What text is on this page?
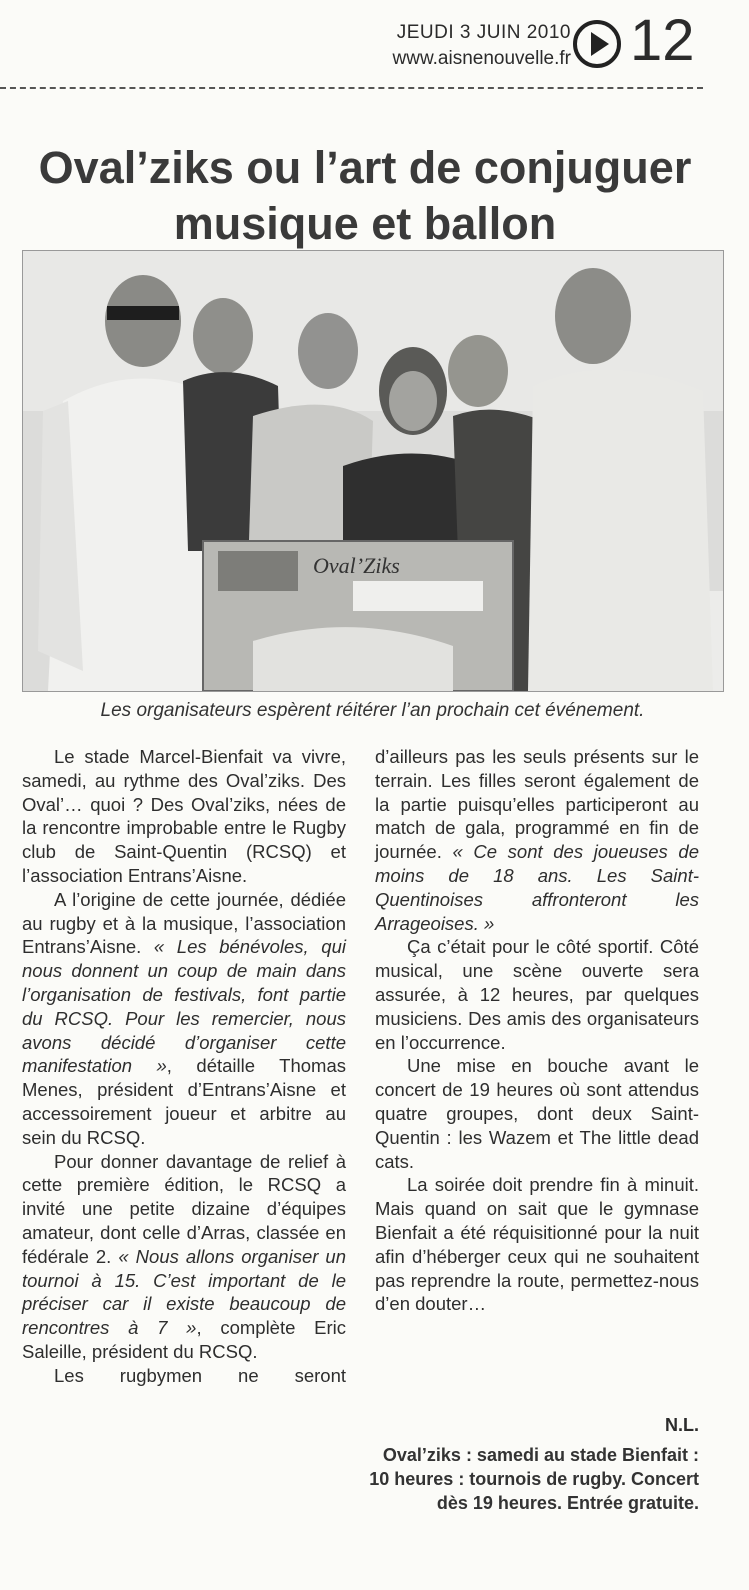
JEUDI 3 JUIN 2010
www.aisnenouvelle.fr 12
Oval’ziks ou l’art de conjuguer musique et ballon
Oval’Ziks
Les organisateurs espèrent réitérer l’an prochain cet événement.

Le stade Marcel-Bienfait va vivre, samedi, au rythme des Oval’ziks. Des Oval’… quoi ? Des Oval’ziks, nées de la rencontre improbable entre le Rugby club de Saint-Quentin (RCSQ) et l’association Entrans’Aisne.

A l’origine de cette journée, dédiée au rugby et à la musique, l’association Entrans’Aisne. « Les bénévoles, qui nous donnent un coup de main dans l’organisation de festivals, font partie du RCSQ. Pour les remercier, nous avons décidé d’organiser cette manifestation », détaille Thomas Menes, président d’Entrans’Aisne et accessoirement joueur et arbitre au sein du RCSQ.

Pour donner davantage de relief à cette première édition, le RCSQ a invité une petite dizaine d’équipes amateur, dont celle d’Arras, classée en fédérale 2. « Nous allons organiser un tournoi à 15. C’est important de le préciser car il existe beaucoup de rencontres à 7 », complète Eric Saleille, président du RCSQ.

Les rugbymen ne seront

d’ailleurs pas les seuls présents sur le terrain. Les filles seront également de la partie puisqu’elles participeront au match de gala, programmé en fin de journée. « Ce sont des joueuses de moins de 18 ans. Les Saint-Quentinoises affronteront les Arrageoises. »

Ça c’était pour le côté sportif. Côté musical, une scène ouverte sera assurée, à 12 heures, par quelques musiciens. Des amis des organisateurs en l’occurrence.

Une mise en bouche avant le concert de 19 heures où sont attendus quatre groupes, dont deux Saint-Quentin : les Wazem et The little dead cats.

La soirée doit prendre fin à minuit. Mais quand on sait que le gymnase Bienfait a été réquisitionné pour la nuit afin d’héberger ceux qui ne souhaitent pas reprendre la route, permettez-nous d’en douter…

N.L.
Oval’ziks : samedi au stade Bienfait : 10 heures : tournois de rugby. Concert dès 19 heures. Entrée gratuite.
